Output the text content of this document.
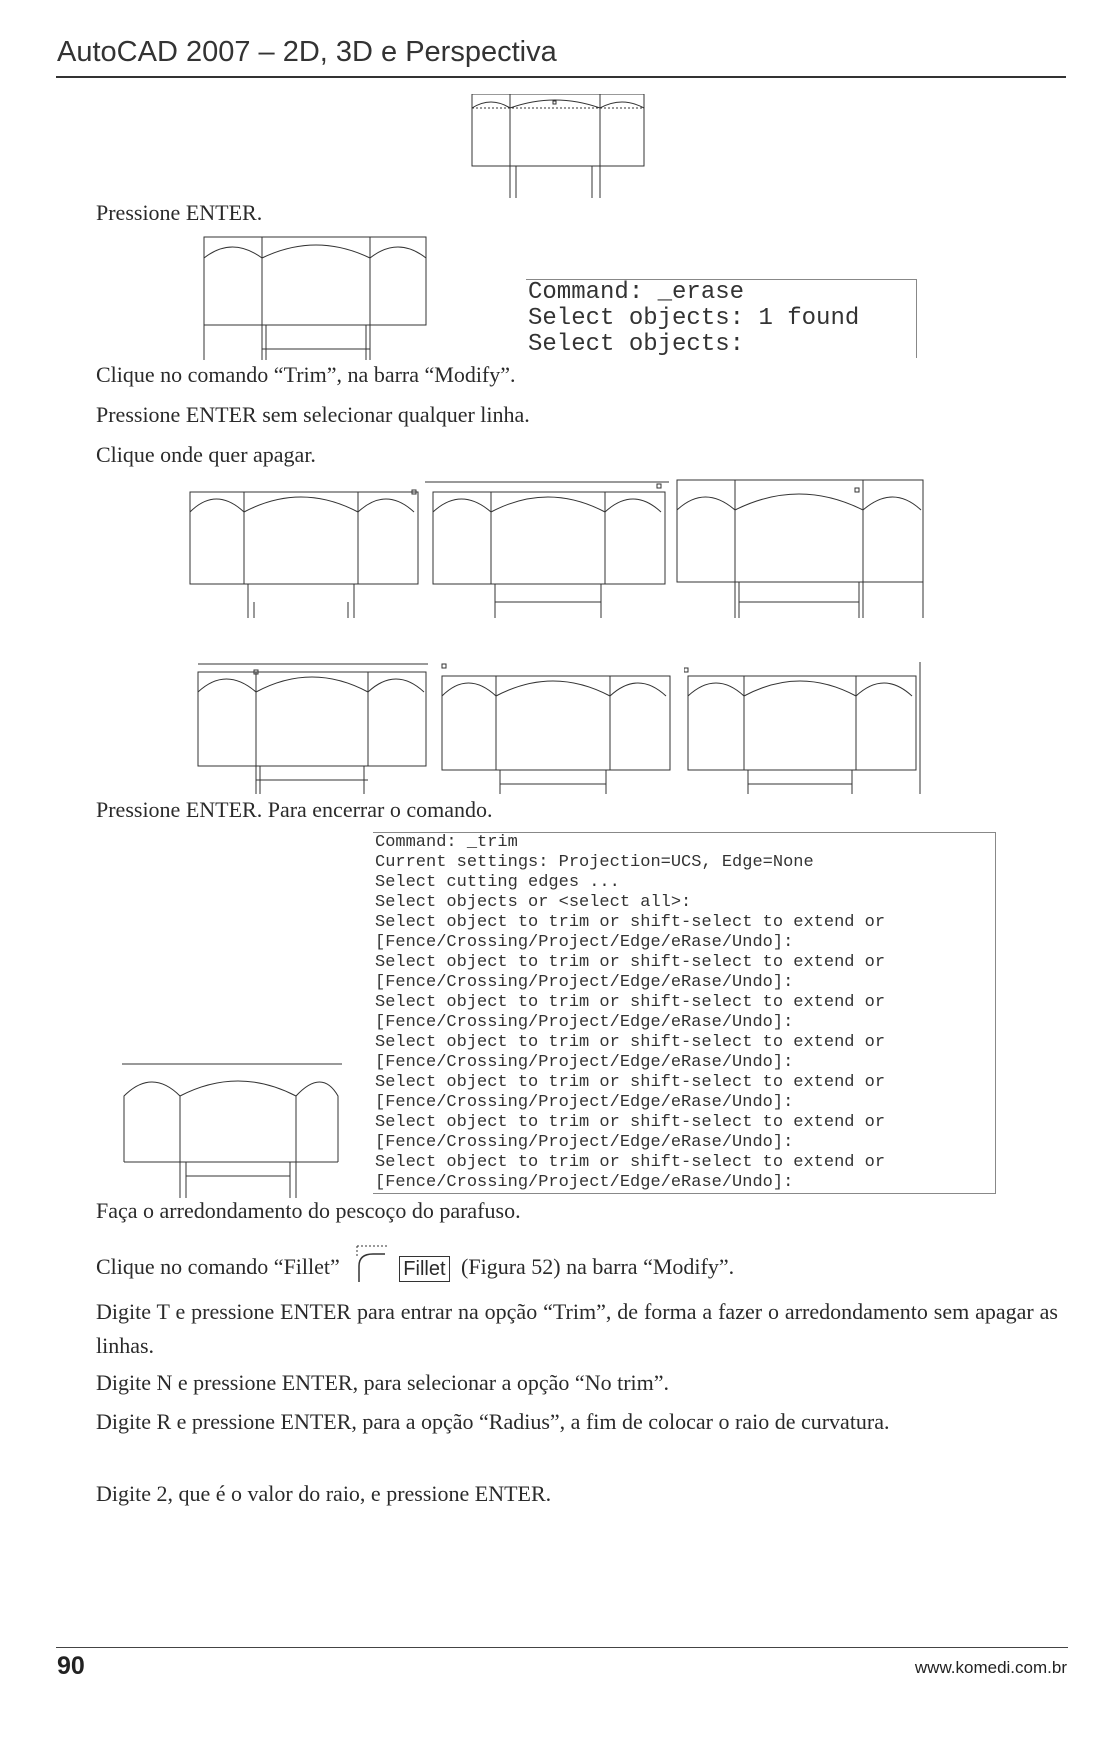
AutoCAD 2007 – 2D, 3D e Perspectiva
Pressione ENTER.
Command: _erase
Select objects: 1 found
Select objects:
Clique no comando “Trim”, na barra “Modify”.
Pressione ENTER sem selecionar qualquer linha.
Clique onde quer apagar.
Pressione ENTER. Para encerrar o comando.
Command: _trim
Current settings: Projection=UCS, Edge=None
Select cutting edges ...
Select objects or <select all>:
Select object to trim or shift-select to extend or
[Fence/Crossing/Project/Edge/eRase/Undo]:
Select object to trim or shift-select to extend or
[Fence/Crossing/Project/Edge/eRase/Undo]:
Select object to trim or shift-select to extend or
[Fence/Crossing/Project/Edge/eRase/Undo]:
Select object to trim or shift-select to extend or
[Fence/Crossing/Project/Edge/eRase/Undo]:
Select object to trim or shift-select to extend or
[Fence/Crossing/Project/Edge/eRase/Undo]:
Select object to trim or shift-select to extend or
[Fence/Crossing/Project/Edge/eRase/Undo]:
Select object to trim or shift-select to extend or
[Fence/Crossing/Project/Edge/eRase/Undo]:
Faça o arredondamento do pescoço do parafuso.
Clique no comando “Fillet”	Fillet (Figura 52) na barra “Modify”.
Digite T e pressione ENTER para entrar na opção “Trim”, de forma a fazer o arredondamento sem apagar as linhas.
Digite N e pressione ENTER, para selecionar a opção “No trim”.
Digite R e pressione ENTER, para a opção “Radius”, a fim de colocar o raio de curvatura.
Digite 2, que é o valor do raio, e pressione ENTER.
90	www.komedi.com.br
